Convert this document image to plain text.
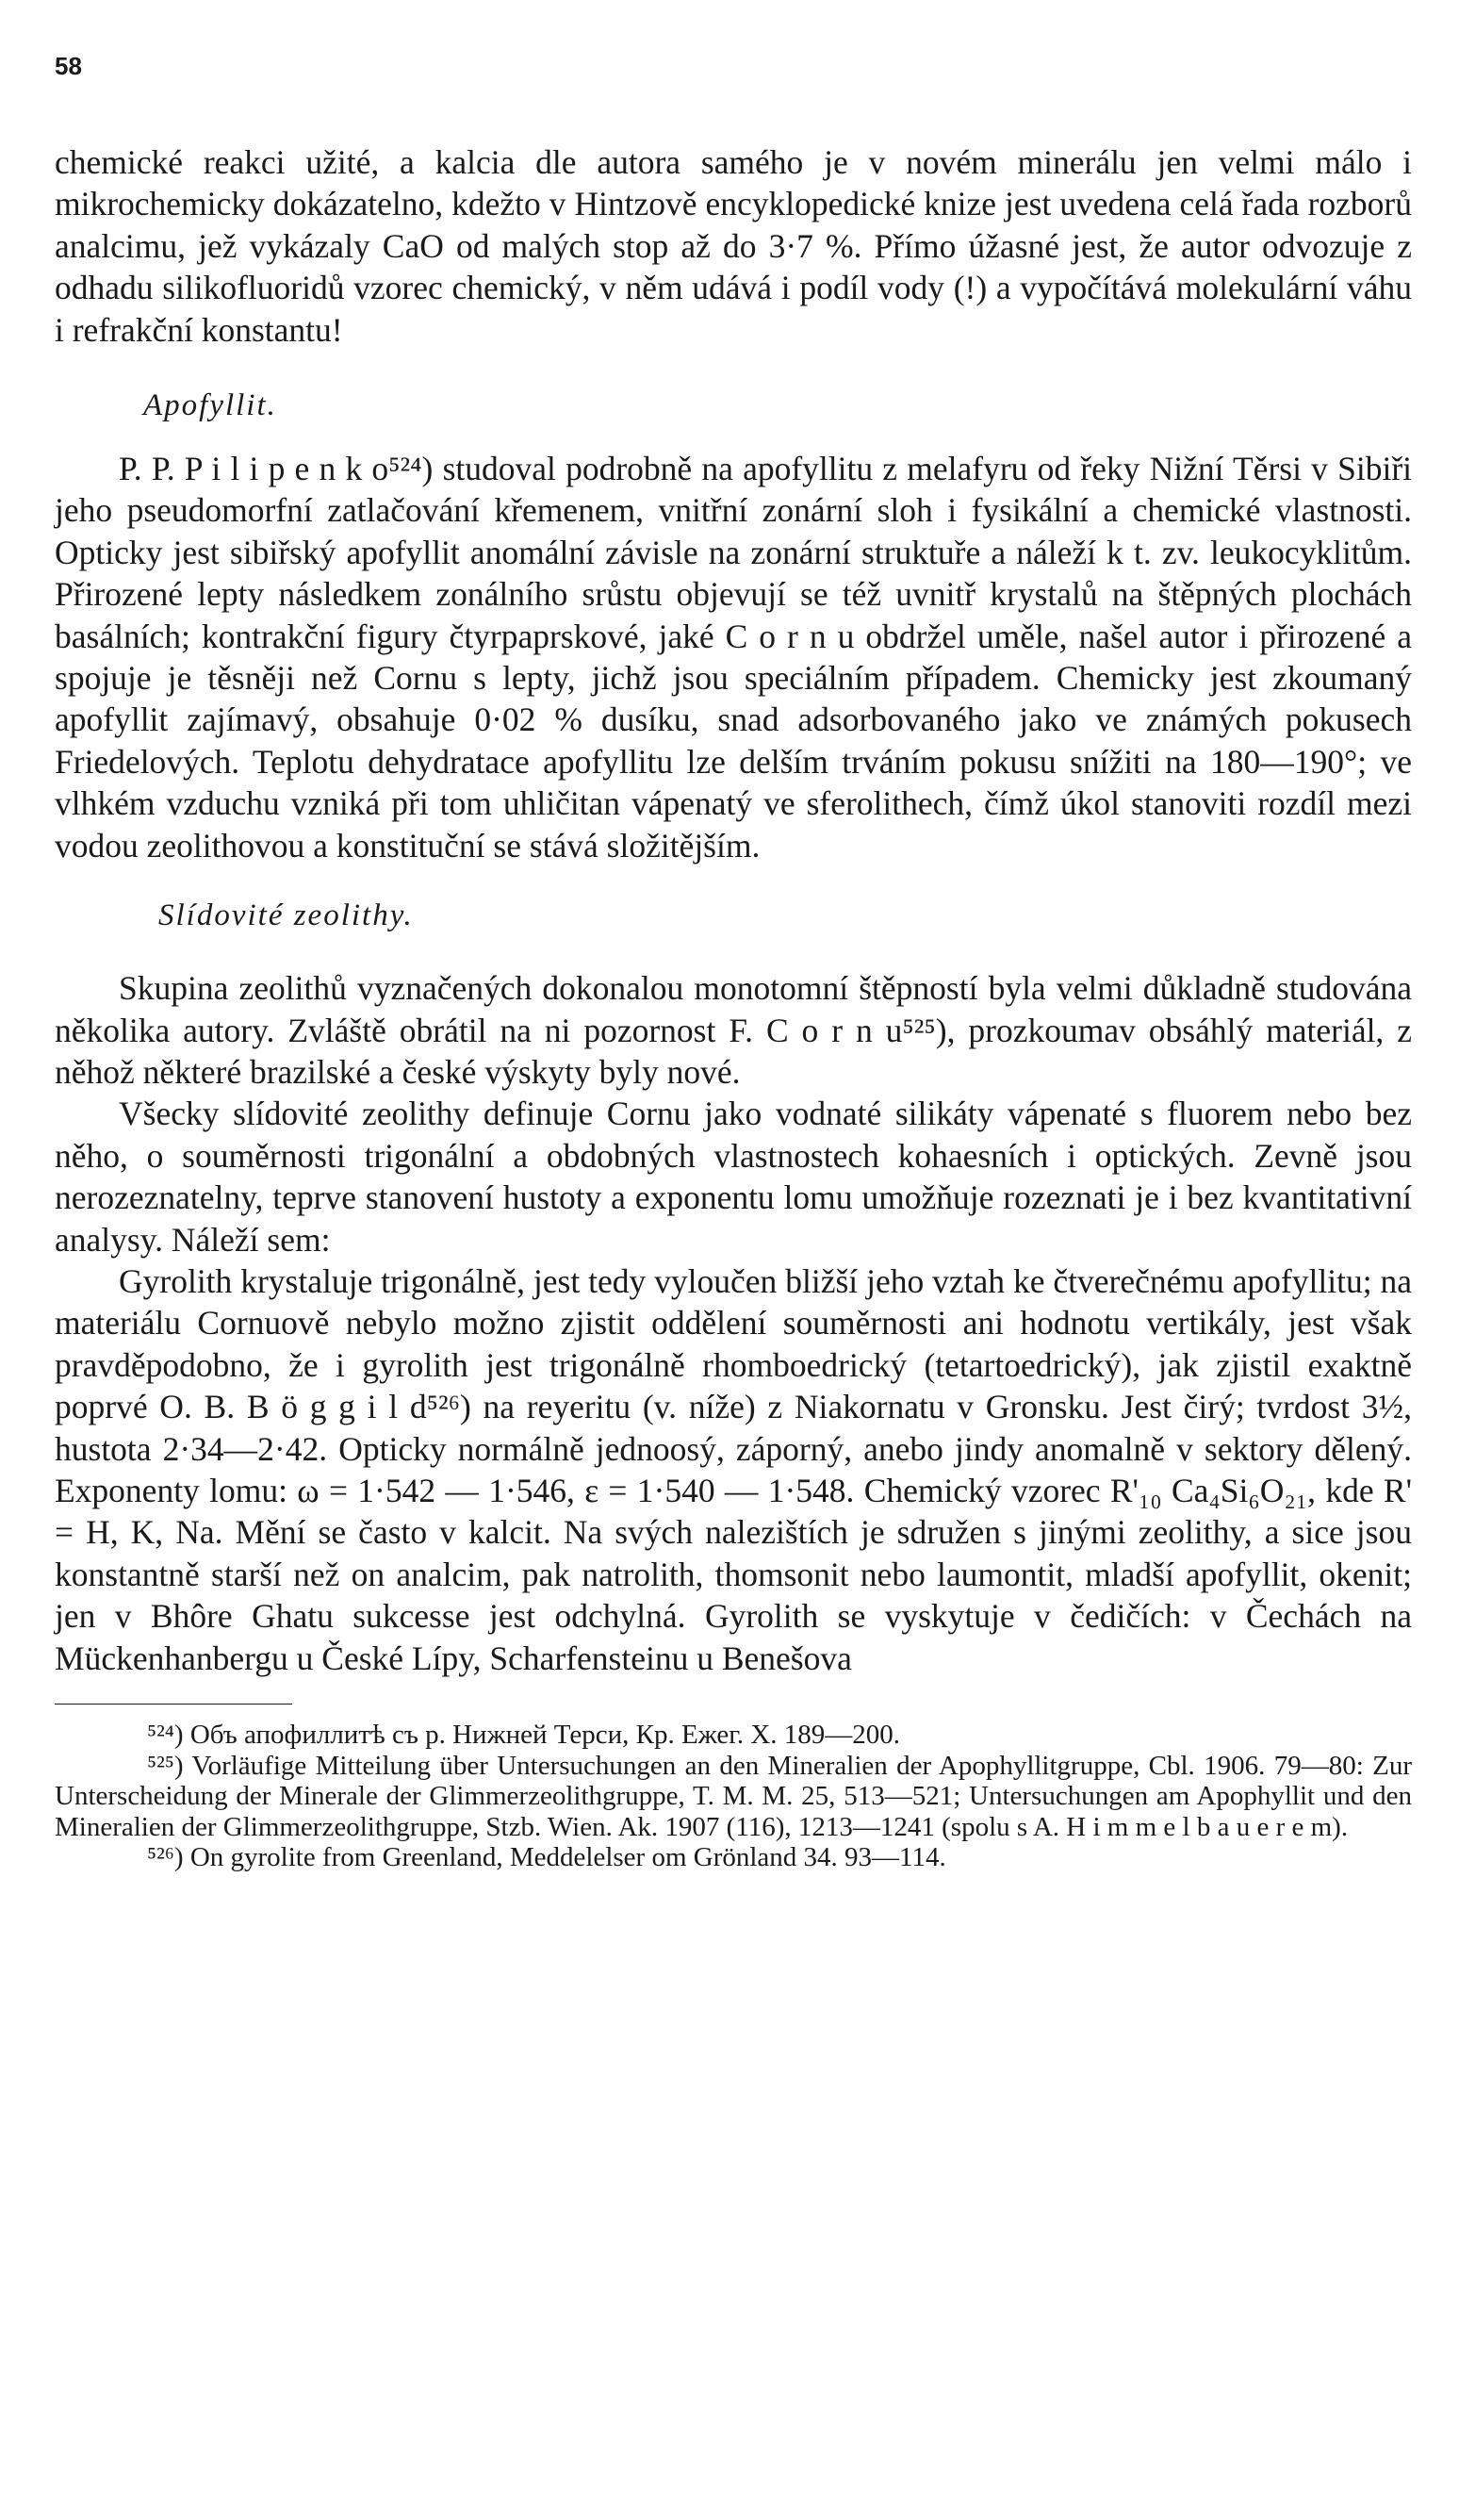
58

chemické reakci užité, a kalcia dle autora samého je v novém minerálu jen velmi málo i mikrochemicky dokázatelno, kdežto v Hintzově encyklopedické knize jest uvedena celá řada rozborů analcimu, jež vykázaly CaO od malých stop až do 3·7 %. Přímo úžasné jest, že autor odvozuje z odhadu silikofluoridů vzorec chemický, v něm udává i podíl vody (!) a vypočítává molekulární váhu i refrakční konstantu!

Apofyllit.

P. P. P i l i p e n k o⁵²⁴) studoval podrobně na apofyllitu z melafyru od řeky Nižní Těrsi v Sibiři jeho pseudomorfní zatlačování křemenem, vnitřní zonární sloh i fysikální a chemické vlastnosti. Opticky jest sibiřský apofyllit anomální závisle na zonární struktuře a náleží k t. zv. leukocyklitům. Přirozené lepty následkem zonálního srůstu objevují se též uvnitř krystalů na štěpných plochách basálních; kontrakční figury čtyrpaprskové, jaké C o r n u obdržel uměle, našel autor i přirozené a spojuje je těsněji než Cornu s lepty, jichž jsou speciálním případem. Chemicky jest zkoumaný apofyllit zajímavý, obsahuje 0·02 % dusíku, snad adsorbovaného jako ve známých pokusech Friedelových. Teplotu dehydratace apofyllitu lze delším trváním pokusu snížiti na 180—190°; ve vlhkém vzduchu vzniká při tom uhličitan vápenatý ve sferolithech, čímž úkol stanoviti rozdíl mezi vodou zeolithovou a konstituční se stává složitějším.

Slídovité zeolithy.

Skupina zeolithů vyznačených dokonalou monotomní štěpností byla velmi důkladně studována několika autory. Zvláště obrátil na ni pozornost F. C o r n u⁵²⁵), prozkoumav obsáhlý materiál, z něhož některé brazilské a české výskyty byly nové.

Všecky slídovité zeolithy definuje Cornu jako vodnaté silikáty vápenaté s fluorem nebo bez něho, o souměrnosti trigonální a obdobných vlastnostech kohaesních i optických. Zevně jsou nerozeznatelny, teprve stanovení hustoty a exponentu lomu umožňuje rozeznati je i bez kvantitativní analysy. Náleží sem:

Gyrolith krystaluje trigonálně, jest tedy vyloučen bližší jeho vztah ke čtverečnému apofyllitu; na materiálu Cornuově nebylo možno zjistit oddělení souměrnosti ani hodnotu vertikály, jest však pravděpodobno, že i gyrolith jest trigonálně rhomboedrický (tetartoedrický), jak zjistil exaktně poprvé O. B. B ö g g i l d⁵²⁶) na reyeritu (v. níže) z Niakornatu v Gronsku. Jest čirý; tvrdost 3½, hustota 2·34—2·42. Opticky normálně jednoosý, záporný, anebo jindy anomalně v sektory dělený. Exponenty lomu: ω = 1·542 — 1·546, ε = 1·540 — 1·548. Chemický vzorec R'₁₀ Ca₄Si₆O₂₁, kde R' = H, K, Na. Mění se často v kalcit. Na svých nalezištích je sdružen s jinými zeolithy, a sice jsou konstantně starší než on analcim, pak natrolith, thomsonit nebo laumontit, mladší apofyllit, okenit; jen v Bhôre Ghatu sukcesse jest odchylná. Gyrolith se vyskytuje v čedičích: v Čechách na Mückenhanbergu u České Lípy, Scharfensteinu u Benešova

⁵²⁴) Объ апофиллитѣ съ р. Нижней Терси, Кр. Ежег. X. 189—200.

⁵²⁵) Vorläufige Mitteilung über Untersuchungen an den Mineralien der Apophyllitgruppe, Cbl. 1906. 79—80: Zur Unterscheidung der Minerale der Glimmerzeolithgruppe, T. M. M. 25, 513—521; Untersuchungen am Apophyllit und den Mineralien der Glimmerzeolithgruppe, Stzb. Wien. Ak. 1907 (116), 1213—1241 (spolu s A. H i m m e l b a u e r e m).

⁵²⁶) On gyrolite from Greenland, Meddelelser om Grönland 34. 93—114.
